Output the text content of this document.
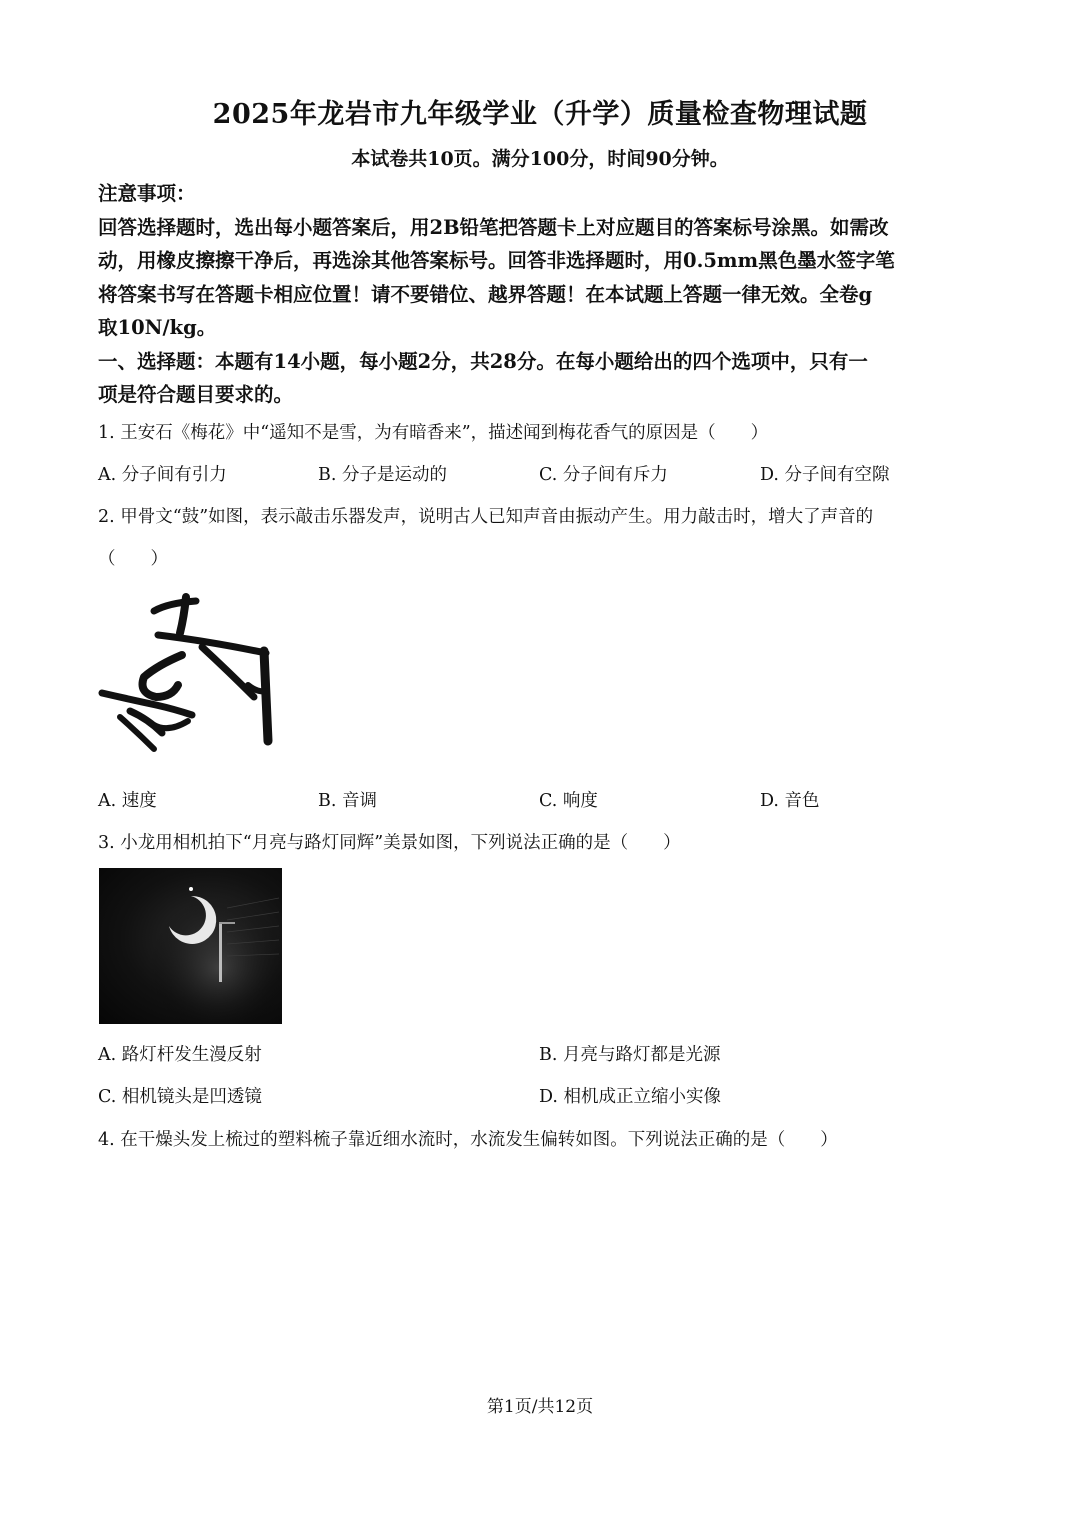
2025年龙岩市九年级学业（升学）质量检查物理试题
本试卷共10页。满分100分，时间90分钟。
注意事项：
回答选择题时，选出每小题答案后，用2B铅笔把答题卡上对应题目的答案标号涂黑。如需改
动，用橡皮擦擦干净后，再选涂其他答案标号。回答非选择题时，用0.5mm黑色墨水签字笔
将答案书写在答题卡相应位置！请不要错位、越界答题！在本试题上答题一律无效。全卷g
取10N/kg。
一、选择题：本题有14小题，每小题2分，共28分。在每小题给出的四个选项中，只有一
项是符合题目要求的。
1. 王安石《梅花》中“遥知不是雪，为有暗香来”，描述闻到梅花香气的原因是（　　）
A. 分子间有引力	B. 分子是运动的	C. 分子间有斥力	D. 分子间有空隙
2. 甲骨文“鼓”如图，表示敲击乐器发声，说明古人已知声音由振动产生。用力敲击时，增大了声音的
（　　）
A. 速度	B. 音调	C. 响度	D. 音色
3. 小龙用相机拍下“月亮与路灯同辉”美景如图，下列说法正确的是（　　）
A. 路灯杆发生漫反射	B. 月亮与路灯都是光源
C. 相机镜头是凹透镜	D. 相机成正立缩小实像
4. 在干燥头发上梳过的塑料梳子靠近细水流时，水流发生偏转如图。下列说法正确的是（　　）
第1页/共12页
